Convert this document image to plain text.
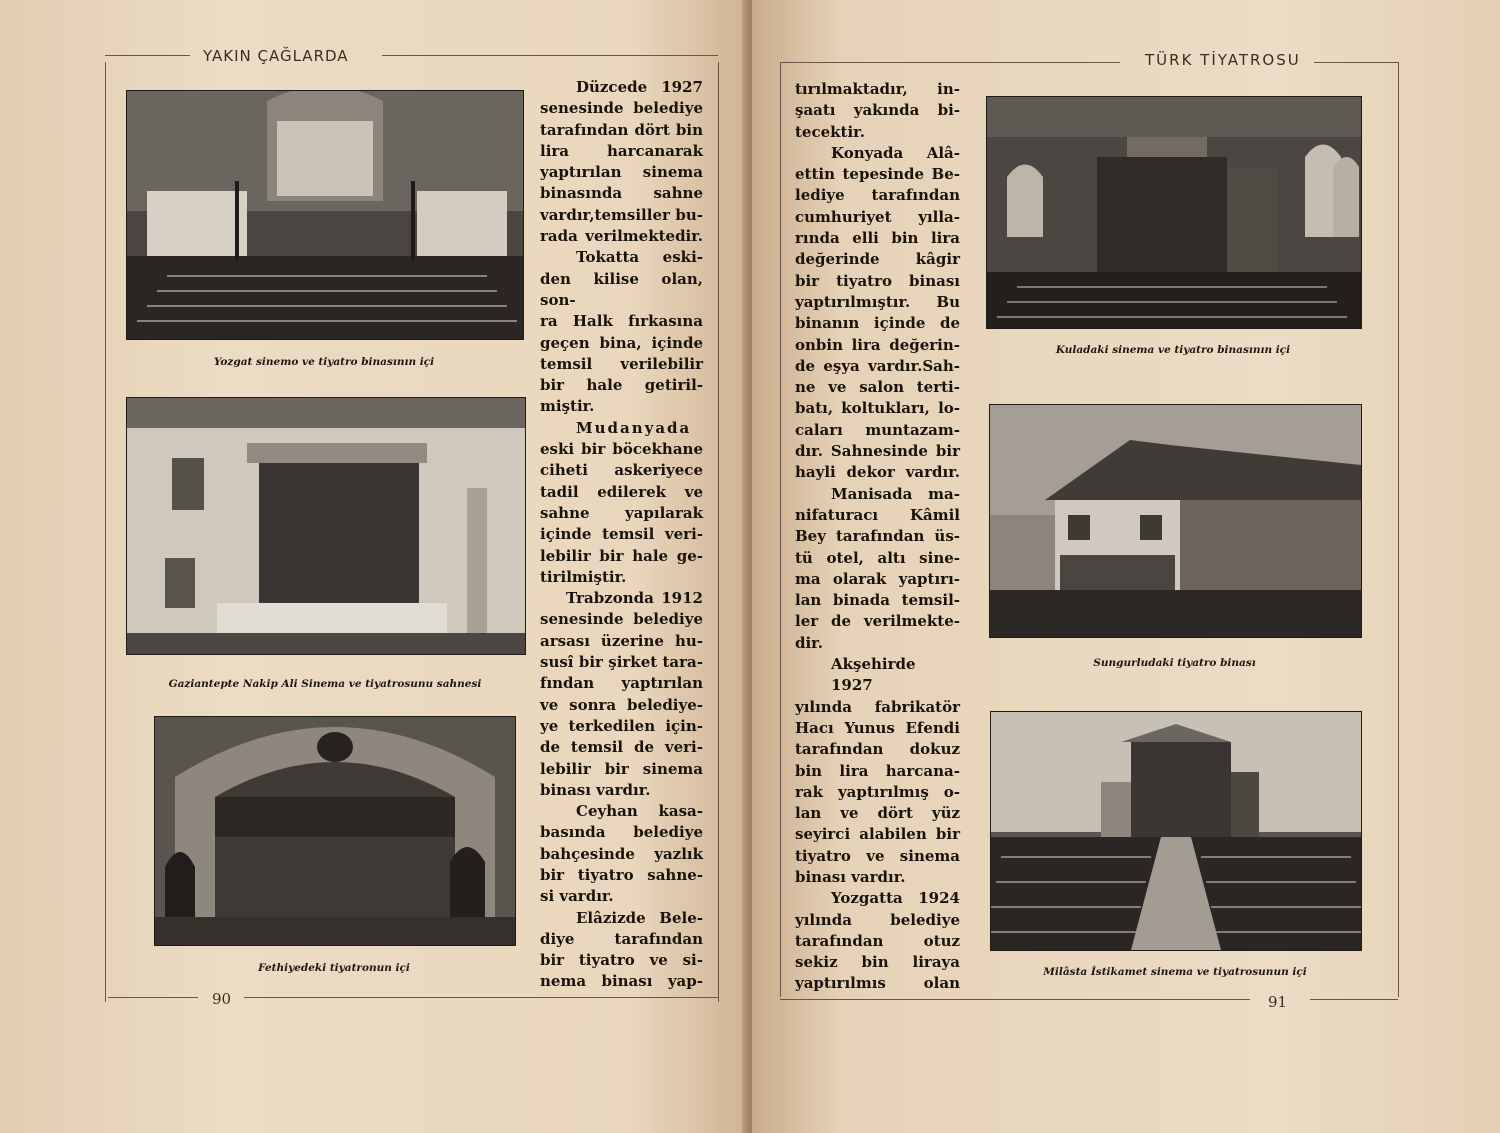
YAKIN ÇAĞLARDA
Yozgat sinemo ve tiyatro binasının içi
Gaziantepte Nakip Ali Sinema ve tiyatrosunu sahnesi
Fethiyedeki tiyatronun içi
Düzcede 1927
senesinde belediye
tarafından dört bin
lira harcanarak
yaptırılan sinema
binasında sahne
vardır,temsiller bu-
rada verilmektedir.
Tokatta eski-
den kilise olan, son-
ra Halk fırkasına
geçen bina, içinde
temsil verilebilir
bir hale getiril-
miştir.
Mudanyada
eski bir böcekhane
ciheti askeriyece
tadil edilerek ve
sahne yapılarak
içinde temsil veri-
lebilir bir hale ge-
tirilmiştir.
Trabzonda 1912
senesinde belediye
arsası üzerine hu-
susî bir şirket tara-
fından yaptırılan
ve sonra belediye-
ye terkedilen için-
de temsil de veri-
lebilir bir sinema
binası vardır.
Ceyhan kasa-
basında belediye
bahçesinde yazlık
bir tiyatro sahne-
si vardır.
Elâzizde Bele-
diye tarafından
bir tiyatro ve si-
nema binası yap-
90
TÜRK TİYATROSU
tırılmaktadır, in-
şaatı yakında bi-
tecektir.
Konyada Alâ-
ettin tepesinde Be-
lediye tarafından
cumhuriyet yılla-
rında elli bin lira
değerinde kâgir
bir tiyatro binası
yaptırılmıştır. Bu
binanın içinde de
onbin lira değerin-
de eşya vardır.Sah-
ne ve salon terti-
batı, koltukları, lo-
caları muntazam-
dır. Sahnesinde bir
hayli dekor vardır.
Manisada ma-
nifaturacı Kâmil
Bey tarafından üs-
tü otel, altı sine-
ma olarak yaptırı-
lan binada temsil-
ler de verilmekte-
dir.
Akşehirde 1927
yılında fabrikatör
Hacı Yunus Efendi
tarafından dokuz
bin lira harcana-
rak yaptırılmış o-
lan ve dört yüz
seyirci alabilen bir
tiyatro ve sinema
binası vardır.
Yozgatta 1924
yılında belediye
tarafından otuz
sekiz bin liraya
yaptırılmıs olan
Kuladaki sinema ve tiyatro binasının içi
Sungurludaki tiyatro binası
Milâsta İstikamet sinema ve tiyatrosunun içi
91
